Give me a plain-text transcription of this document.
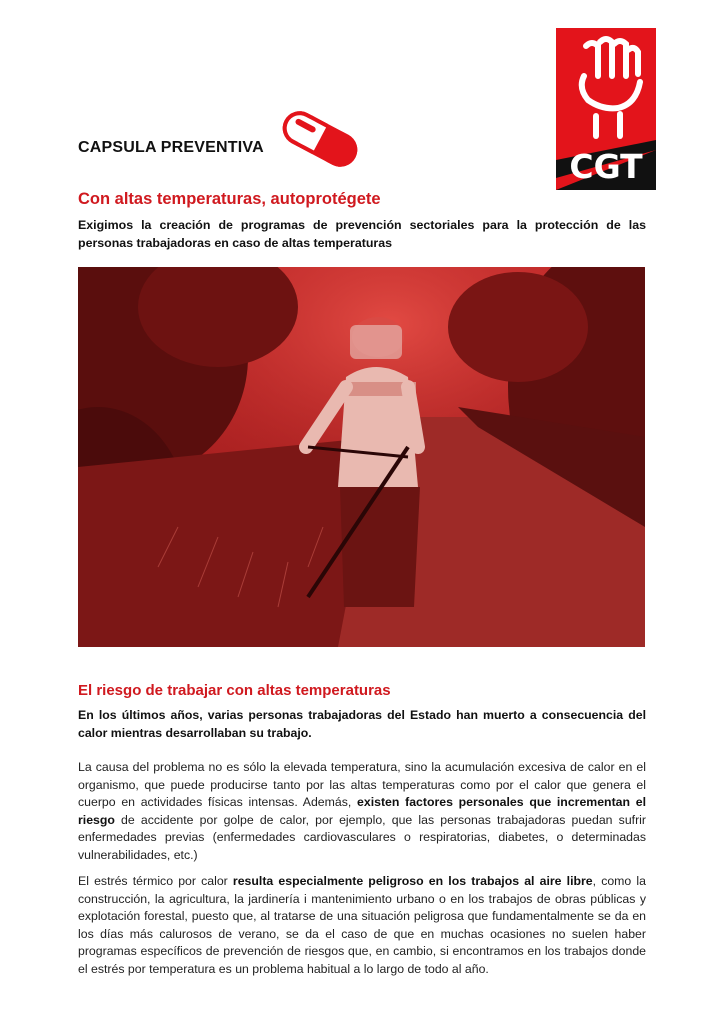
CAPSULA PREVENTIVA	CGT
Con altas temperaturas, autoprotégete
Exigimos la creación de programas de prevención sectoriales para la protección de las personas trabajadoras en caso de altas temperaturas
El riesgo de trabajar con altas temperaturas
En los últimos años, varias personas trabajadoras del Estado han muerto a consecuencia del calor mientras desarrollaban su trabajo.
La causa del problema no es sólo la elevada temperatura, sino la acumulación excesiva de calor en el organismo, que puede producirse tanto por las altas temperaturas como por el calor que genera el cuerpo en actividades físicas intensas. Además, existen factores personales que incrementan el riesgo de accidente por golpe de calor, por ejemplo, que las personas trabajadoras puedan sufrir enfermedades previas (enfermedades cardiovasculares o respiratorias, diabetes, o determinadas vulnerabilidades, etc.)
El estrés térmico por calor resulta especialmente peligroso en los trabajos al aire libre, como la construcción, la agricultura, la jardinería i mantenimiento urbano o en los trabajos de obras públicas y explotación forestal, puesto que, al tratarse de una situación peligrosa que fundamentalmente se da en los días más calurosos de verano, se da el caso de que en muchas ocasiones no suelen haber programas específicos de prevención de riesgos que, en cambio, si encontramos en los trabajos donde el estrés por temperatura es un problema habitual a lo largo de todo al año.
